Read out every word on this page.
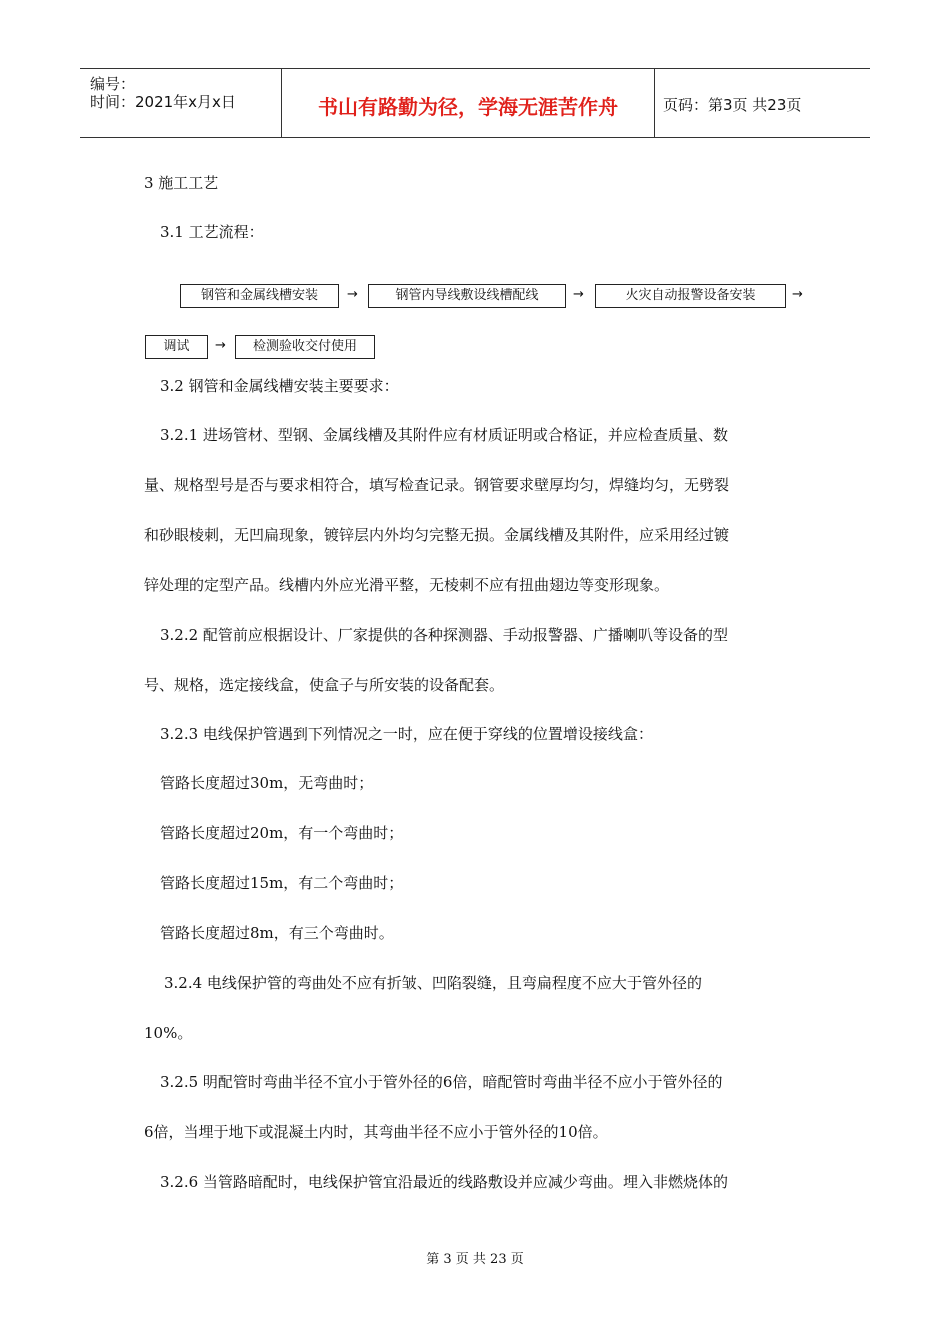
编号：
时间：2021年x月x日	书山有路勤为径，学海无涯苦作舟	页码：第3页 共23页
3 施工工艺
3.1 工艺流程：
钢管和金属线槽安装	→	钢管内导线敷设线槽配线	→	火灾自动报警设备安装	→
调试	→	检测验收交付使用
3.2 钢管和金属线槽安装主要要求：
3.2.1 进场管材、型钢、金属线槽及其附件应有材质证明或合格证，并应检查质量、数
量、规格型号是否与要求相符合，填写检查记录。钢管要求壁厚均匀，焊缝均匀，无劈裂
和砂眼棱刺，无凹扁现象，镀锌层内外均匀完整无损。金属线槽及其附件，应采用经过镀
锌处理的定型产品。线槽内外应光滑平整，无棱刺不应有扭曲翅边等变形现象。
3.2.2 配管前应根据设计、厂家提供的各种探测器、手动报警器、广播喇叭等设备的型
号、规格，选定接线盒，使盒子与所安装的设备配套。
3.2.3 电线保护管遇到下列情况之一时，应在便于穿线的位置增设接线盒：
管路长度超过30m，无弯曲时；
管路长度超过20m，有一个弯曲时；
管路长度超过15m，有二个弯曲时；
管路长度超过8m，有三个弯曲时。
3.2.4 电线保护管的弯曲处不应有折皱、凹陷裂缝，且弯扁程度不应大于管外径的
10%。
3.2.5 明配管时弯曲半径不宜小于管外径的6倍，暗配管时弯曲半径不应小于管外径的
6倍，当埋于地下或混凝土内时，其弯曲半径不应小于管外径的10倍。
3.2.6 当管路暗配时，电线保护管宜沿最近的线路敷设并应减少弯曲。埋入非燃烧体的
第 3 页 共 23 页
